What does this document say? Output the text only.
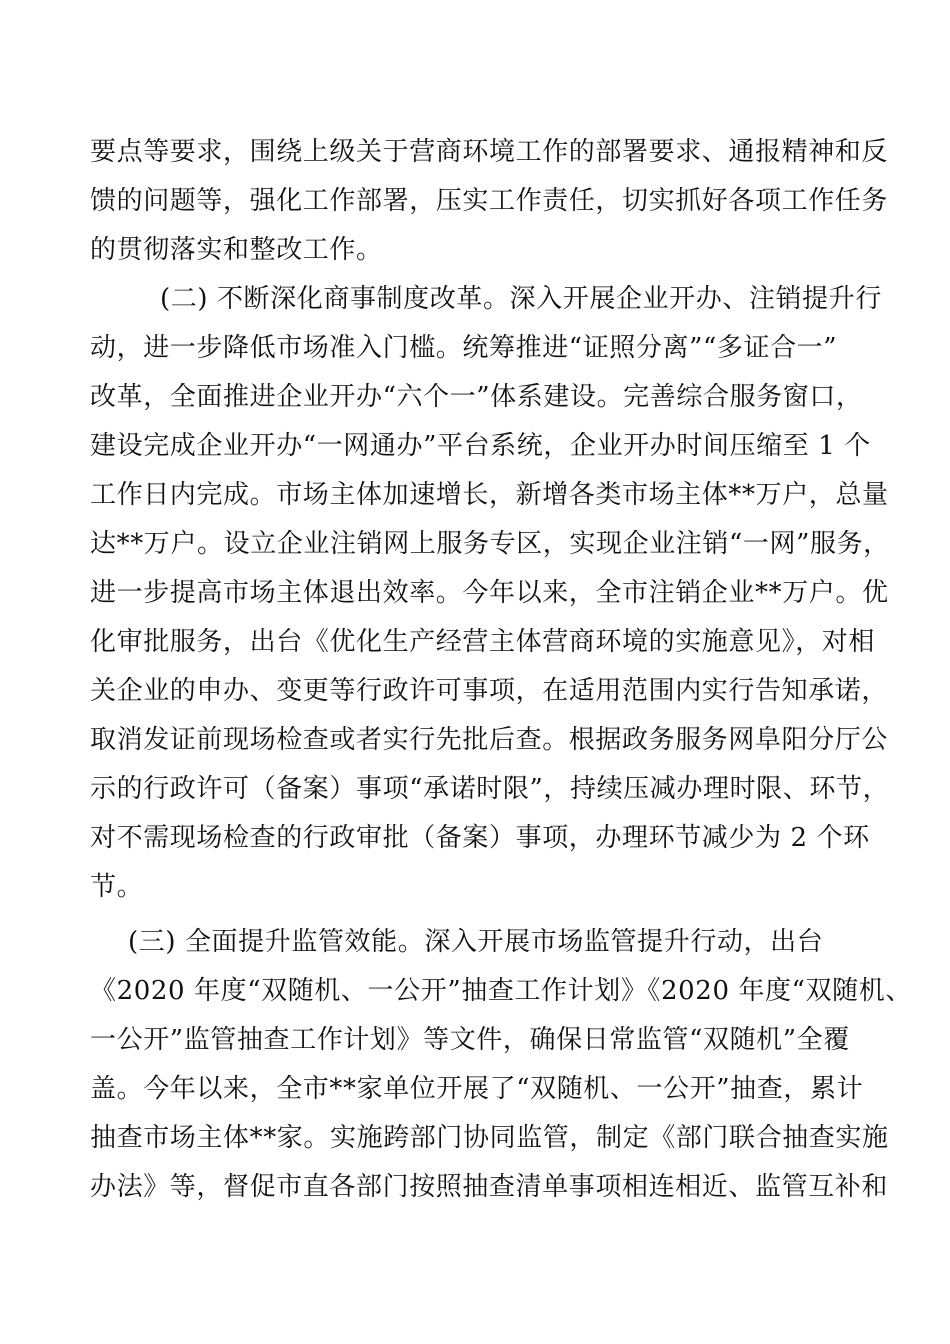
要点等要求，围绕上级关于营商环境工作的部署要求、通报精神和反
馈的问题等，强化工作部署，压实工作责任，切实抓好各项工作任务
的贯彻落实和整改工作。
(二) 不断深化商事制度改革。深入开展企业开办、注销提升行
动，进一步降低市场准入门槛。统筹推进“证照分离”“多证合一”
改革，全面推进企业开办“六个一”体系建设。完善综合服务窗口，
建设完成企业开办“一网通办”平台系统，企业开办时间压缩至 1 个
工作日内完成。市场主体加速增长，新增各类市场主体**万户，总量
达**万户。设立企业注销网上服务专区，实现企业注销“一网”服务，
进一步提高市场主体退出效率。今年以来，全市注销企业**万户。优
化审批服务，出台《优化生产经营主体营商环境的实施意见》，对相
关企业的申办、变更等行政许可事项，在适用范围内实行告知承诺，
取消发证前现场检查或者实行先批后查。根据政务服务网阜阳分厅公
示的行政许可（备案）事项“承诺时限”，持续压减办理时限、环节，
对不需现场检查的行政审批（备案）事项，办理环节减少为 2 个环
节。
(三) 全面提升监管效能。深入开展市场监管提升行动，出台
《2020 年度“双随机、一公开”抽查工作计划》《2020 年度“双随机、
一公开”监管抽查工作计划》等文件，确保日常监管“双随机”全覆
盖。今年以来，全市**家单位开展了“双随机、一公开”抽查，累计
抽查市场主体**家。实施跨部门协同监管，制定《部门联合抽查实施
办法》等，督促市直各部门按照抽查清单事项相连相近、监管互补和
